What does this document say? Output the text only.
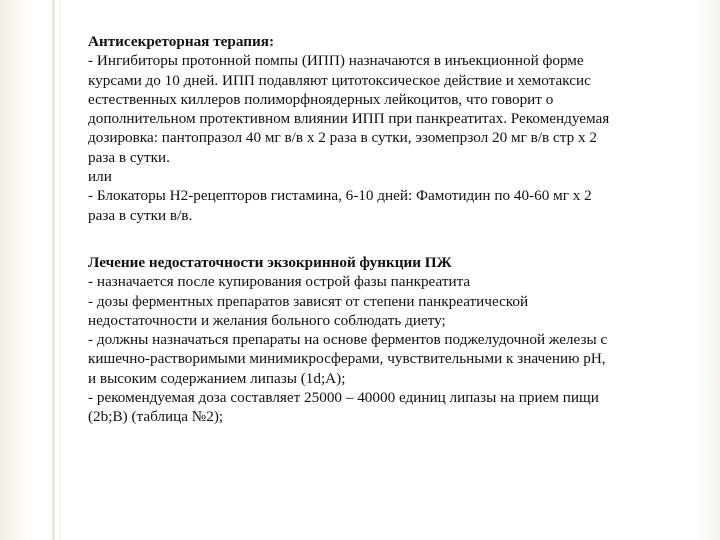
Антисекреторная терапия:

- Ингибиторы протонной помпы (ИПП) назначаются в инъекционной форме

курсами до 10 дней. ИПП подавляют цитотоксическое действие и хемотаксис

естественных киллеров полиморфноядерных лейкоцитов, что говорит о

дополнительном протективном влиянии ИПП при панкреатитах. Рекомендуемая

дозировка: пантопразол 40 мг в/в х 2 раза в сутки, эзомепрзол 20 мг в/в стр х 2

раза в сутки.

или

- Блокаторы Н2-рецепторов гистамина, 6-10 дней: Фамотидин по 40-60 мг х 2

раза в сутки в/в.

Лечение недостаточности экзокринной функции ПЖ

- назначается после купирования острой фазы панкреатита

- дозы ферментных препаратов зависят от степени панкреатической

недостаточности и желания больного соблюдать диету;

- должны назначаться препараты на основе ферментов поджелудочной железы с

кишечно-растворимыми минимикросферами, чувствительными к значению рН,

и высоким содержанием липазы (1d;A);

- рекомендуемая доза составляет 25000 – 40000 единиц липазы на прием пищи

(2b;B) (таблица №2);
